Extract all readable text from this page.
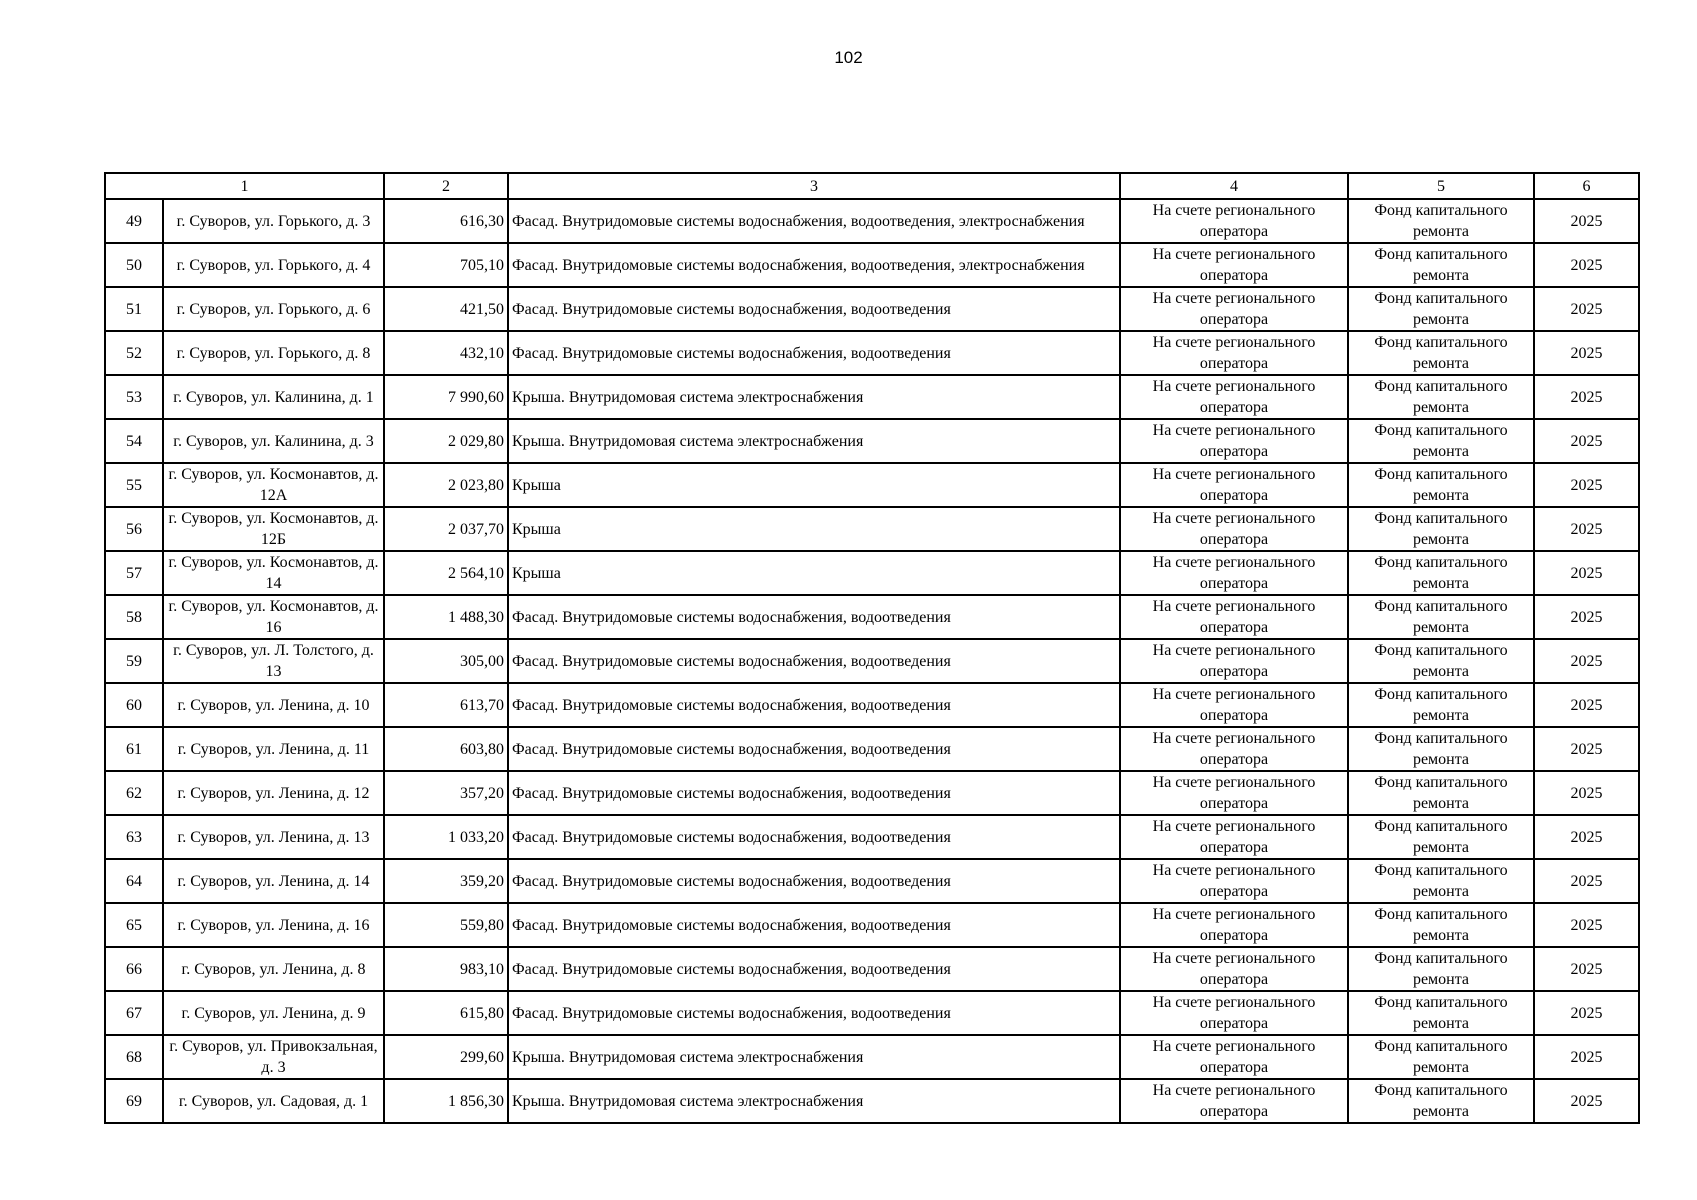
102
1		2	3	4	5	6
49	г. Суворов, ул. Горького, д. 3	616,30	Фасад. Внутридомовые системы водоснабжения, водоотведения, электроснабжения	На счете регионального оператора	Фонд капитального ремонта	2025
50	г. Суворов, ул. Горького, д. 4	705,10	Фасад. Внутридомовые системы водоснабжения, водоотведения, электроснабжения	На счете регионального оператора	Фонд капитального ремонта	2025
51	г. Суворов, ул. Горького, д. 6	421,50	Фасад. Внутридомовые системы водоснабжения, водоотведения	На счете регионального оператора	Фонд капитального ремонта	2025
52	г. Суворов, ул. Горького, д. 8	432,10	Фасад. Внутридомовые системы водоснабжения, водоотведения	На счете регионального оператора	Фонд капитального ремонта	2025
53	г. Суворов, ул. Калинина, д. 1	7 990,60	Крыша. Внутридомовая система электроснабжения	На счете регионального оператора	Фонд капитального ремонта	2025
54	г. Суворов, ул. Калинина, д. 3	2 029,80	Крыша. Внутридомовая система электроснабжения	На счете регионального оператора	Фонд капитального ремонта	2025
55	г. Суворов, ул. Космонавтов, д. 12А	2 023,80	Крыша	На счете регионального оператора	Фонд капитального ремонта	2025
56	г. Суворов, ул. Космонавтов, д. 12Б	2 037,70	Крыша	На счете регионального оператора	Фонд капитального ремонта	2025
57	г. Суворов, ул. Космонавтов, д. 14	2 564,10	Крыша	На счете регионального оператора	Фонд капитального ремонта	2025
58	г. Суворов, ул. Космонавтов, д. 16	1 488,30	Фасад. Внутридомовые системы водоснабжения, водоотведения	На счете регионального оператора	Фонд капитального ремонта	2025
59	г. Суворов, ул. Л. Толстого, д. 13	305,00	Фасад. Внутридомовые системы водоснабжения, водоотведения	На счете регионального оператора	Фонд капитального ремонта	2025
60	г. Суворов, ул. Ленина, д. 10	613,70	Фасад. Внутридомовые системы водоснабжения, водоотведения	На счете регионального оператора	Фонд капитального ремонта	2025
61	г. Суворов, ул. Ленина, д. 11	603,80	Фасад. Внутридомовые системы водоснабжения, водоотведения	На счете регионального оператора	Фонд капитального ремонта	2025
62	г. Суворов, ул. Ленина, д. 12	357,20	Фасад. Внутридомовые системы водоснабжения, водоотведения	На счете регионального оператора	Фонд капитального ремонта	2025
63	г. Суворов, ул. Ленина, д. 13	1 033,20	Фасад. Внутридомовые системы водоснабжения, водоотведения	На счете регионального оператора	Фонд капитального ремонта	2025
64	г. Суворов, ул. Ленина, д. 14	359,20	Фасад. Внутридомовые системы водоснабжения, водоотведения	На счете регионального оператора	Фонд капитального ремонта	2025
65	г. Суворов, ул. Ленина, д. 16	559,80	Фасад. Внутридомовые системы водоснабжения, водоотведения	На счете регионального оператора	Фонд капитального ремонта	2025
66	г. Суворов, ул. Ленина, д. 8	983,10	Фасад. Внутридомовые системы водоснабжения, водоотведения	На счете регионального оператора	Фонд капитального ремонта	2025
67	г. Суворов, ул. Ленина, д. 9	615,80	Фасад. Внутридомовые системы водоснабжения, водоотведения	На счете регионального оператора	Фонд капитального ремонта	2025
68	г. Суворов, ул. Привокзальная, д. 3	299,60	Крыша. Внутридомовая система электроснабжения	На счете регионального оператора	Фонд капитального ремонта	2025
69	г. Суворов, ул. Садовая, д. 1	1 856,30	Крыша. Внутридомовая система электроснабжения	На счете регионального оператора	Фонд капитального ремонта	2025
